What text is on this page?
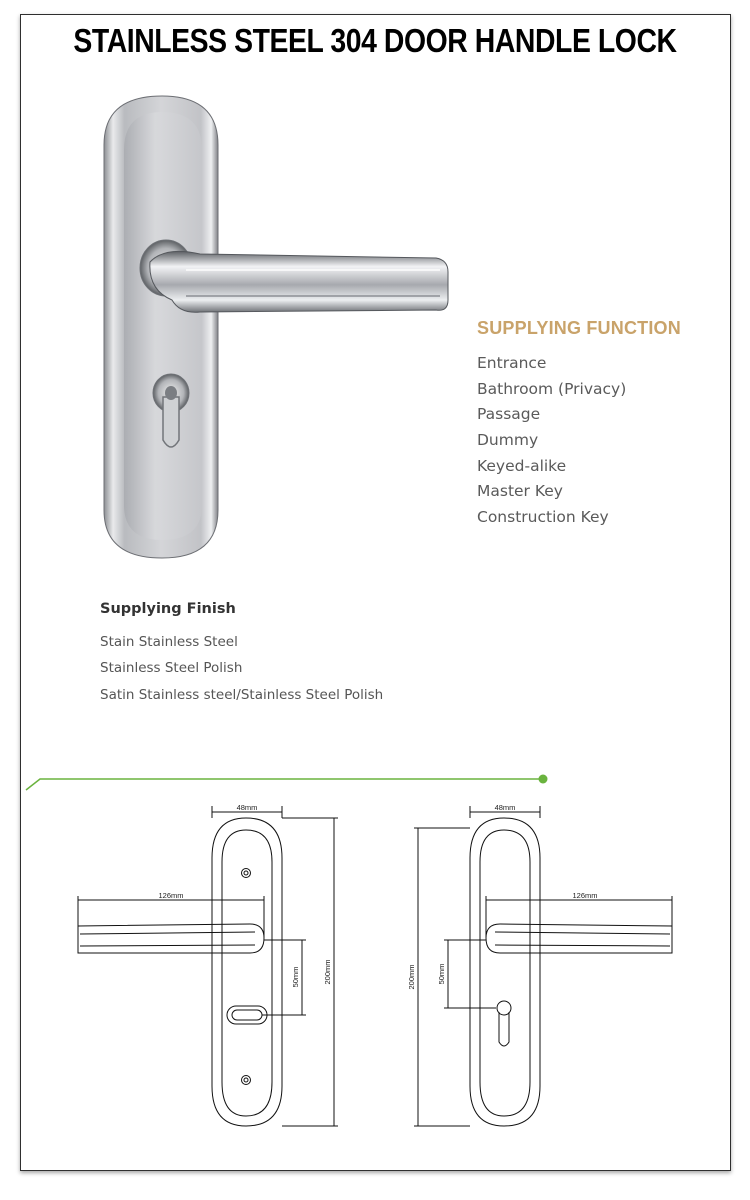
STAINLESS STEEL 304 DOOR HANDLE LOCK
SUPPLYING FUNCTION
Entrance
Bathroom (Privacy)
Passage
Dummy
Keyed-alike
Master Key
Construction Key
Supplying Finish
Stain Stainless Steel
Stainless Steel Polish
Satin Stainless steel/Stainless Steel Polish
48mm
126mm
50mm	200mm
48mm
126mm
50mm
200mm
